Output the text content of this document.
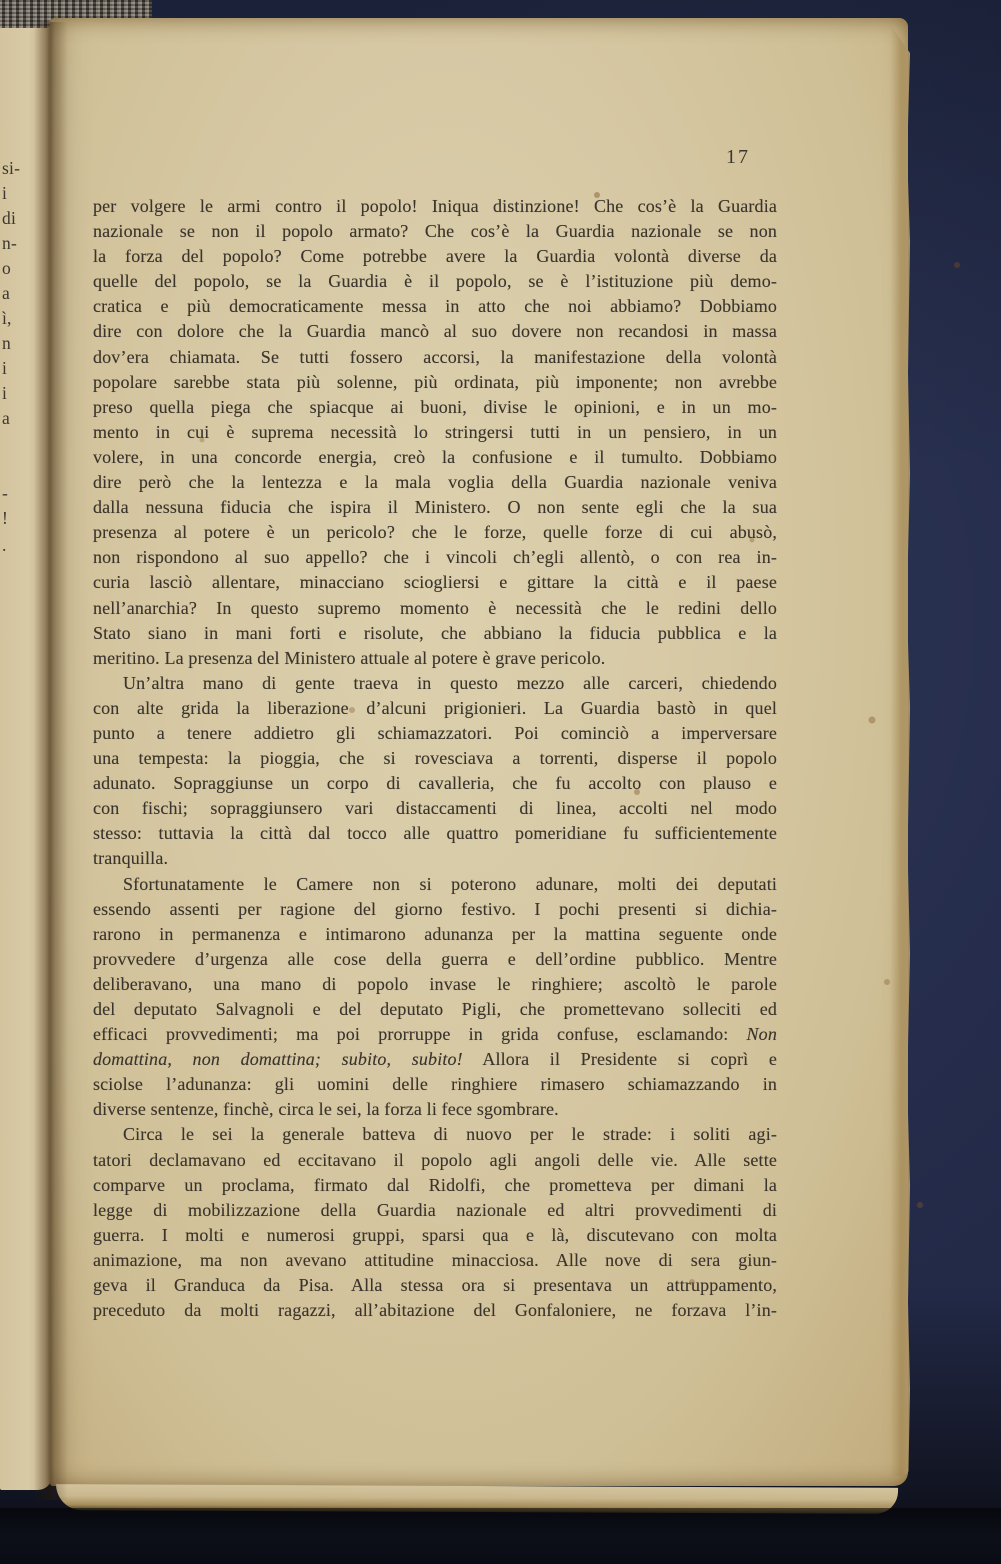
si-
i
di
n-
o
a
ì,
n
i
i
a
-
!
.
17
per volgere le armi contro il popolo! Iniqua distinzione! Che cos’è la Guardia
nazionale se non il popolo armato? Che cos’è la Guardia nazionale se non
la forza del popolo? Come potrebbe avere la Guardia volontà diverse da
quelle del popolo, se la Guardia è il popolo, se è l’istituzione più demo-
cratica e più democraticamente messa in atto che noi abbiamo? Dobbiamo
dire con dolore che la Guardia mancò al suo dovere non recandosi in massa
dov’era chiamata. Se tutti fossero accorsi, la manifestazione della volontà
popolare sarebbe stata più solenne, più ordinata, più imponente; non avrebbe
preso quella piega che spiacque ai buoni, divise le opinioni, e in un mo-
mento in cui è suprema necessità lo stringersi tutti in un pensiero, in un
volere, in una concorde energia, creò la confusione e il tumulto. Dobbiamo
dire però che la lentezza e la mala voglia della Guardia nazionale veniva
dalla nessuna fiducia che ispira il Ministero. O non sente egli che la sua
presenza al potere è un pericolo? che le forze, quelle forze di cui abusò,
non rispondono al suo appello? che i vincoli ch’egli allentò, o con rea in-
curia lasciò allentare, minacciano sciogliersi e gittare la città e il paese
nell’anarchia? In questo supremo momento è necessità che le redini dello
Stato siano in mani forti e risolute, che abbiano la fiducia pubblica e la
meritino. La presenza del Ministero attuale al potere è grave pericolo.
Un’altra mano di gente traeva in questo mezzo alle carceri, chiedendo
con alte grida la liberazione d’alcuni prigionieri. La Guardia bastò in quel
punto a tenere addietro gli schiamazzatori. Poi cominciò a imperversare
una tempesta: la pioggia, che si rovesciava a torrenti, disperse il popolo
adunato. Sopraggiunse un corpo di cavalleria, che fu accolto con plauso e
con fischi; sopraggiunsero vari distaccamenti di linea, accolti nel modo
stesso: tuttavia la città dal tocco alle quattro pomeridiane fu sufficientemente
tranquilla.
Sfortunatamente le Camere non si poterono adunare, molti dei deputati
essendo assenti per ragione del giorno festivo. I pochi presenti si dichia-
rarono in permanenza e intimarono adunanza per la mattina seguente onde
provvedere d’urgenza alle cose della guerra e dell’ordine pubblico. Mentre
deliberavano, una mano di popolo invase le ringhiere; ascoltò le parole
del deputato Salvagnoli e del deputato Pigli, che promettevano solleciti ed
efficaci provvedimenti; ma poi prorruppe in grida confuse, esclamando: Non
domattina, non domattina; subito, subito! Allora il Presidente si coprì e
sciolse l’adunanza: gli uomini delle ringhiere rimasero schiamazzando in
diverse sentenze, finchè, circa le sei, la forza li fece sgombrare.
Circa le sei la generale batteva di nuovo per le strade: i soliti agi-
tatori declamavano ed eccitavano il popolo agli angoli delle vie. Alle sette
comparve un proclama, firmato dal Ridolfi, che prometteva per dimani la
legge di mobilizzazione della Guardia nazionale ed altri provvedimenti di
guerra. I molti e numerosi gruppi, sparsi qua e là, discutevano con molta
animazione, ma non avevano attitudine minacciosa. Alle nove di sera giun-
geva il Granduca da Pisa. Alla stessa ora si presentava un attruppamento,
preceduto da molti ragazzi, all’abitazione del Gonfaloniere, ne forzava l’in-
